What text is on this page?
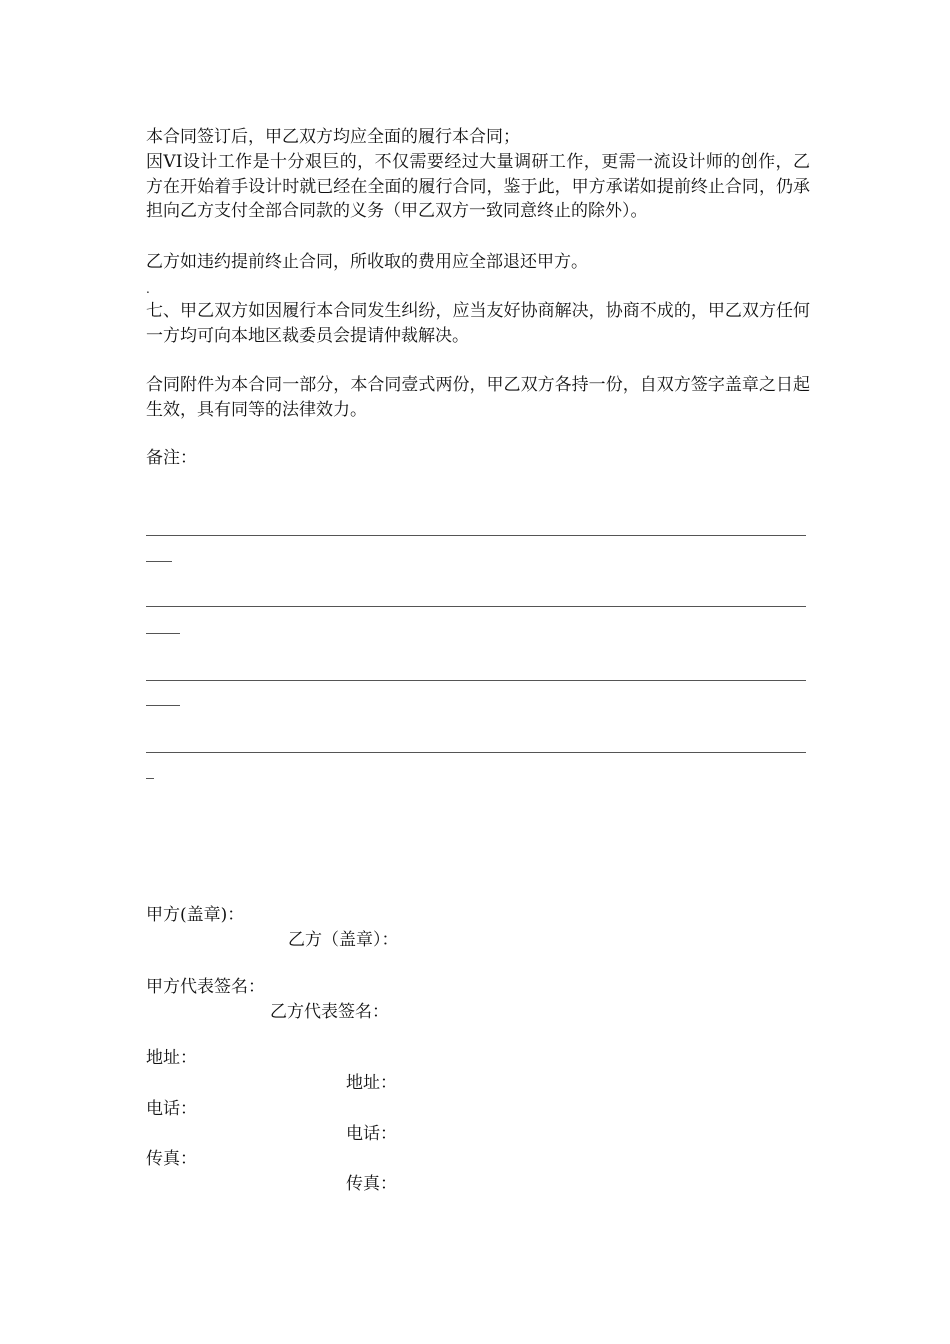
本合同签订后，甲乙双方均应全面的履行本合同；
因VI设计工作是十分艰巨的，不仅需要经过大量调研工作，更需一流设计师的创作，乙方在开始着手设计时就已经在全面的履行合同，鉴于此，甲方承诺如提前终止合同，仍承担向乙方支付全部合同款的义务（甲乙双方一致同意终止的除外）。
乙方如违约提前终止合同，所收取的费用应全部退还甲方。
.
七、甲乙双方如因履行本合同发生纠纷，应当友好协商解决，协商不成的，甲乙双方任何一方均可向本地区裁委员会提请仲裁解决。
合同附件为本合同一部分，本合同壹式两份，甲乙双方各持一份，自双方签字盖章之日起生效，具有同等的法律效力。
备注：
甲方(盖章)：
乙方（盖章）：
甲方代表签名：
乙方代表签名：
地址：
地址：
电话：
电话：
传真：
传真：
